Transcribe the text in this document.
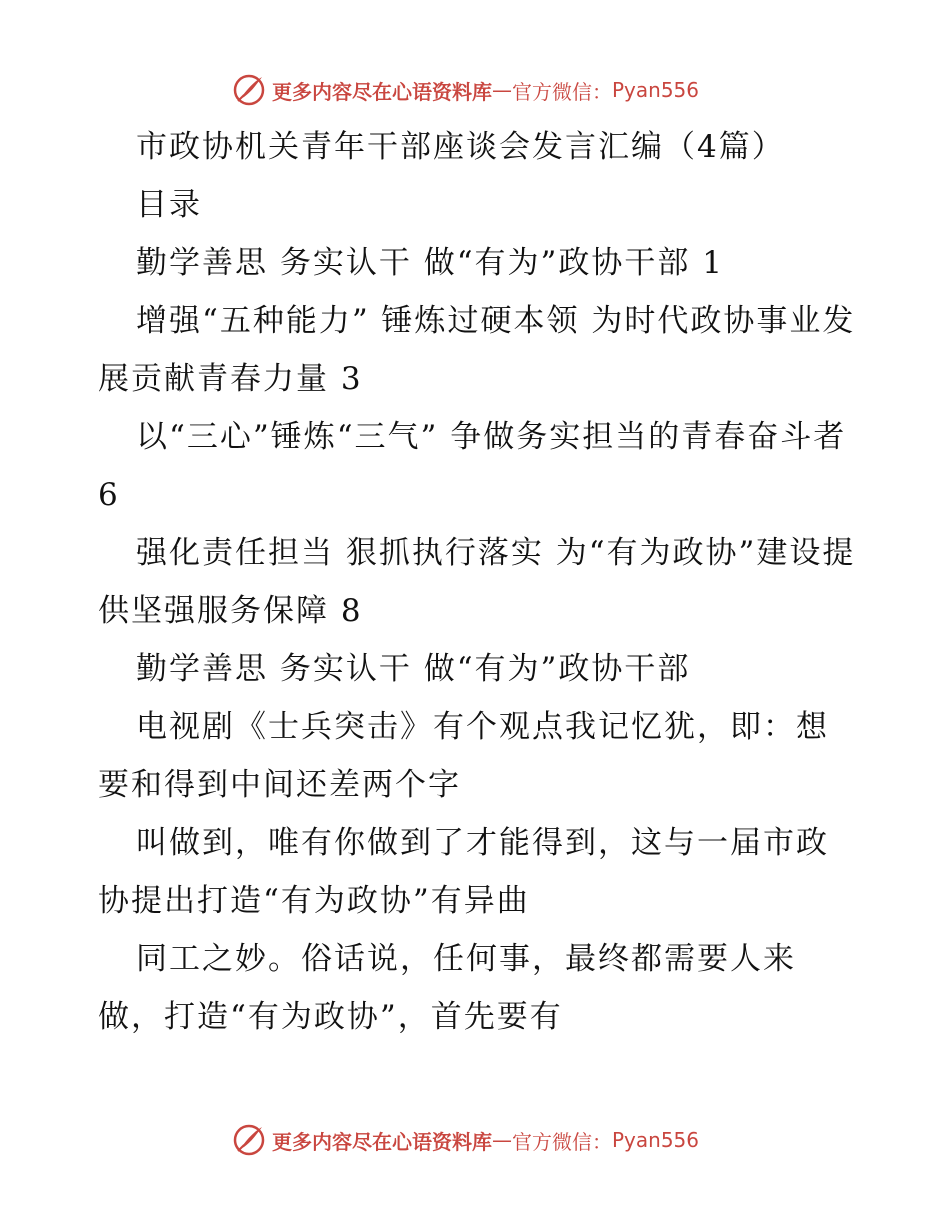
更多内容尽在心语资料库 — 官方微信： Pyan556

市政协机关青年干部座谈会发言汇编（4篇）

目录

勤学善思 务实认干 做“有为”政协干部 1

增强“五种能力” 锤炼过硬本领 为时代政协事业发展贡献青春力量 3

以“三心”锤炼“三气” 争做务实担当的青春奋斗者 6

强化责任担当 狠抓执行落实 为“有为政协”建设提供坚强服务保障 8

勤学善思 务实认干 做“有为”政协干部

电视剧《士兵突击》有个观点我记忆犹，即：想要和得到中间还差两个字

叫做到，唯有你做到了才能得到，这与一届市政协提出打造“有为政协”有异曲

同工之妙。俗话说，任何事，最终都需要人来做，打造“有为政协”，首先要有

更多内容尽在心语资料库 — 官方微信： Pyan556
